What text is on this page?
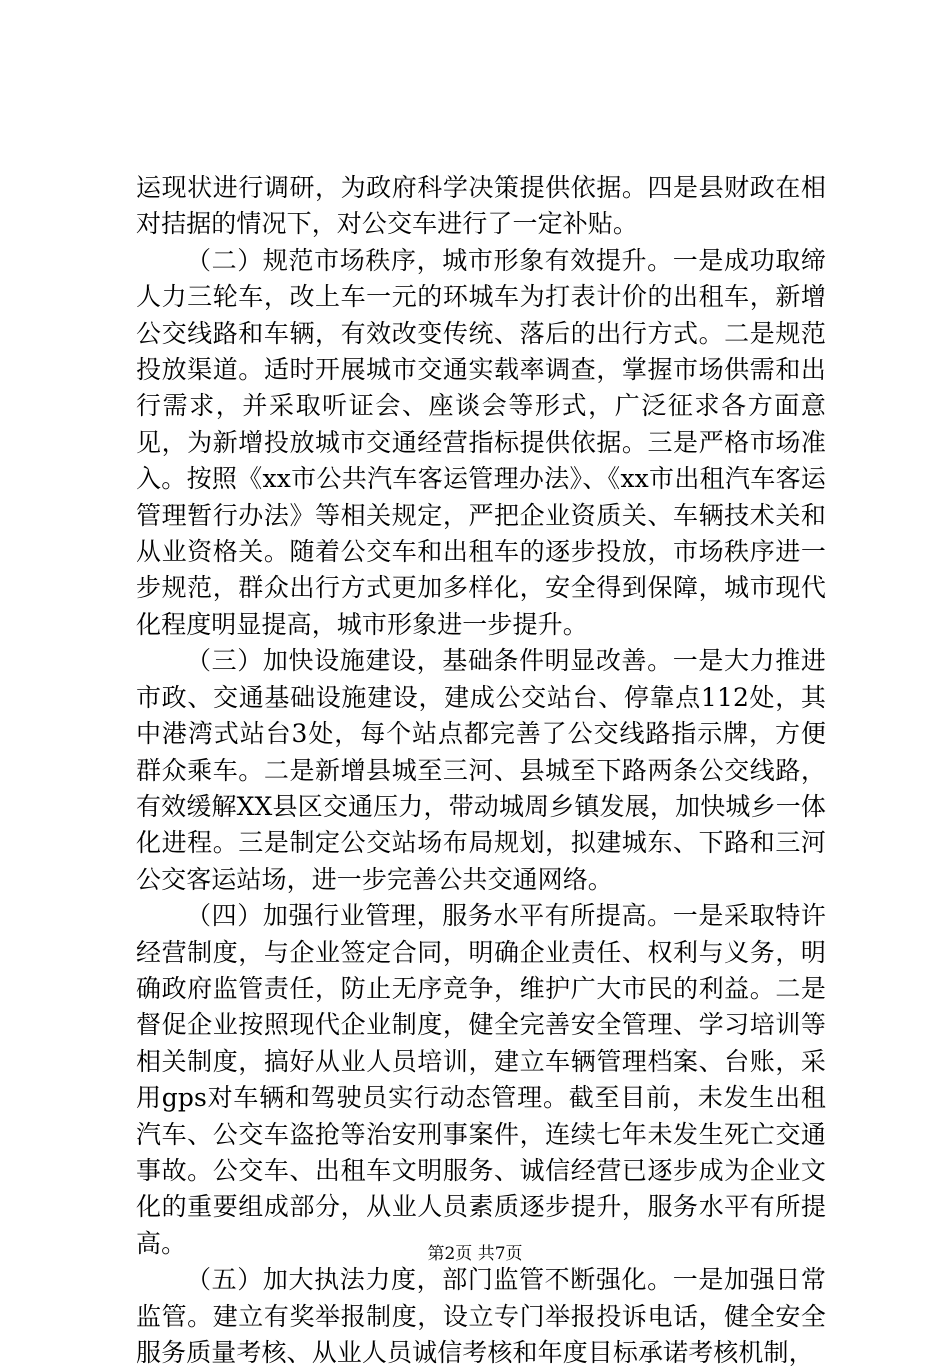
运现状进行调研，为政府科学决策提供依据。四是县财政在相对拮据的情况下，对公交车进行了一定补贴。

（二）规范市场秩序，城市形象有效提升。一是成功取缔人力三轮车，改上车一元的环城车为打表计价的出租车，新增公交线路和车辆，有效改变传统、落后的出行方式。二是规范投放渠道。适时开展城市交通实载率调查，掌握市场供需和出行需求，并采取听证会、座谈会等形式，广泛征求各方面意见，为新增投放城市交通经营指标提供依据。三是严格市场准入。按照《xx市公共汽车客运管理办法》、《xx市出租汽车客运管理暂行办法》等相关规定，严把企业资质关、车辆技术关和从业资格关。随着公交车和出租车的逐步投放，市场秩序进一步规范，群众出行方式更加多样化，安全得到保障，城市现代化程度明显提高，城市形象进一步提升。

（三）加快设施建设，基础条件明显改善。一是大力推进市政、交通基础设施建设，建成公交站台、停靠点112处，其中港湾式站台3处，每个站点都完善了公交线路指示牌，方便群众乘车。二是新增县城至三河、县城至下路两条公交线路，有效缓解XX县区交通压力，带动城周乡镇发展，加快城乡一体化进程。三是制定公交站场布局规划，拟建城东、下路和三河公交客运站场，进一步完善公共交通网络。

（四）加强行业管理，服务水平有所提高。一是采取特许经营制度，与企业签定合同，明确企业责任、权利与义务，明确政府监管责任，防止无序竞争，维护广大市民的利益。二是督促企业按照现代企业制度，健全完善安全管理、学习培训等相关制度，搞好从业人员培训，建立车辆管理档案、台账，采用gps对车辆和驾驶员实行动态管理。截至目前，未发生出租汽车、公交车盗抢等治安刑事案件，连续七年未发生死亡交通事故。公交车、出租车文明服务、诚信经营已逐步成为企业文化的重要组成部分，从业人员素质逐步提升，服务水平有所提高。

（五）加大执法力度，部门监管不断强化。一是加强日常监管。建立有奖举报制度，设立专门举报投诉电话，健全安全服务质量考核、从业人员诚信考核和年度目标承诺考核机制，

第2页 共7页
